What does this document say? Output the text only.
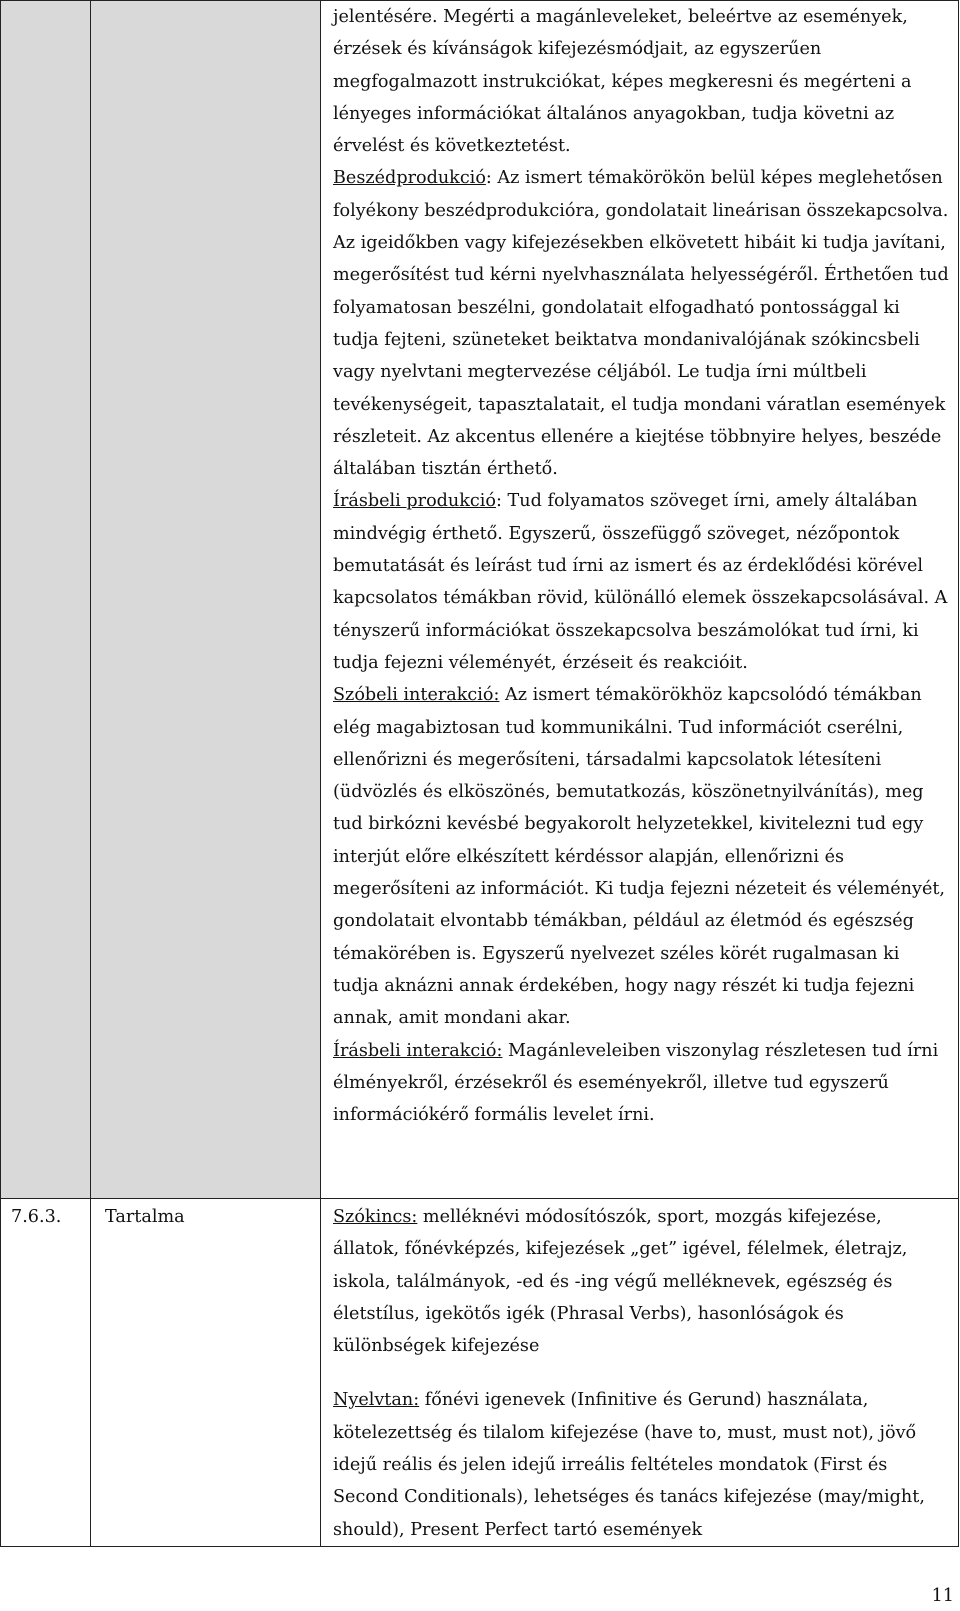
		jelentésére. Megérti a magánleveleket, beleértve az események, érzések és kívánságok kifejezésmódjait, az egyszerűen megfogalmazott instrukciókat, képes megkeresni és megérteni a lényeges információkat általános anyagokban, tudja követni az érvelést és következtetést.

Beszédprodukció: Az ismert témakörökön belül képes meglehetősen folyékony beszédprodukcióra, gondolatait lineárisan összekapcsolva. Az igeidőkben vagy kifejezésekben elkövetett hibáit ki tudja javítani, megerősítést tud kérni nyelvhasználata helyességéről. Érthetően tud folyamatosan beszélni, gondolatait elfogadható pontossággal ki tudja fejteni, szüneteket beiktatva mondanivalójának szókincsbeli vagy nyelvtani megtervezése céljából. Le tudja írni múltbeli tevékenységeit, tapasztalatait, el tudja mondani váratlan események részleteit. Az akcentus ellenére a kiejtése többnyire helyes, beszéde általában tisztán érthető.

Írásbeli produkció: Tud folyamatos szöveget írni, amely általában mindvégig érthető. Egyszerű, összefüggő szöveget, nézőpontok bemutatását és leírást tud írni az ismert és az érdeklődési körével kapcsolatos témákban rövid, különálló elemek összekapcsolásával. A tényszerű információkat összekapcsolva beszámolókat tud írni, ki tudja fejezni véleményét, érzéseit és reakcióit.

Szóbeli interakció: Az ismert témakörökhöz kapcsolódó témákban elég magabiztosan tud kommunikálni. Tud információt cserélni, ellenőrizni és megerősíteni, társadalmi kapcsolatok létesíteni (üdvözlés és elköszönés, bemutatkozás, köszönetnyilvánítás), meg tud birkózni kevésbé begyakorolt helyzetekkel, kivitelezni tud egy interjút előre elkészített kérdéssor alapján, ellenőrizni és megerősíteni az információt. Ki tudja fejezni nézeteit és véleményét, gondolatait elvontabb témákban, például az életmód és egészség témakörében is. Egyszerű nyelvezet széles körét rugalmasan ki tudja aknázni annak érdekében, hogy nagy részét ki tudja fejezni annak, amit mondani akar.

Írásbeli interakció: Magánleveleiben viszonylag részletesen tud írni élményekről, érzésekről és eseményekről, illetve tud egyszerű információkérő formális levelet írni.

7.6.3.	Tartalma	Szókincs: melléknévi módosítószók, sport, mozgás kifejezése, állatok, főnévképzés, kifejezések „get” igével, félelmek, életrajz, iskola, találmányok, -ed és -ing végű melléknevek, egészség és életstílus, igekötős igék (Phrasal Verbs), hasonlóságok és különbségek kifejezése

Nyelvtan: főnévi igenevek (Infinitive és Gerund) használata, kötelezettség és tilalom kifejezése (have to, must, must not), jövő idejű reális és jelen idejű irreális feltételes mondatok (First és Second Conditionals), lehetséges és tanács kifejezése (may/might, should), Present Perfect tartó események

11
